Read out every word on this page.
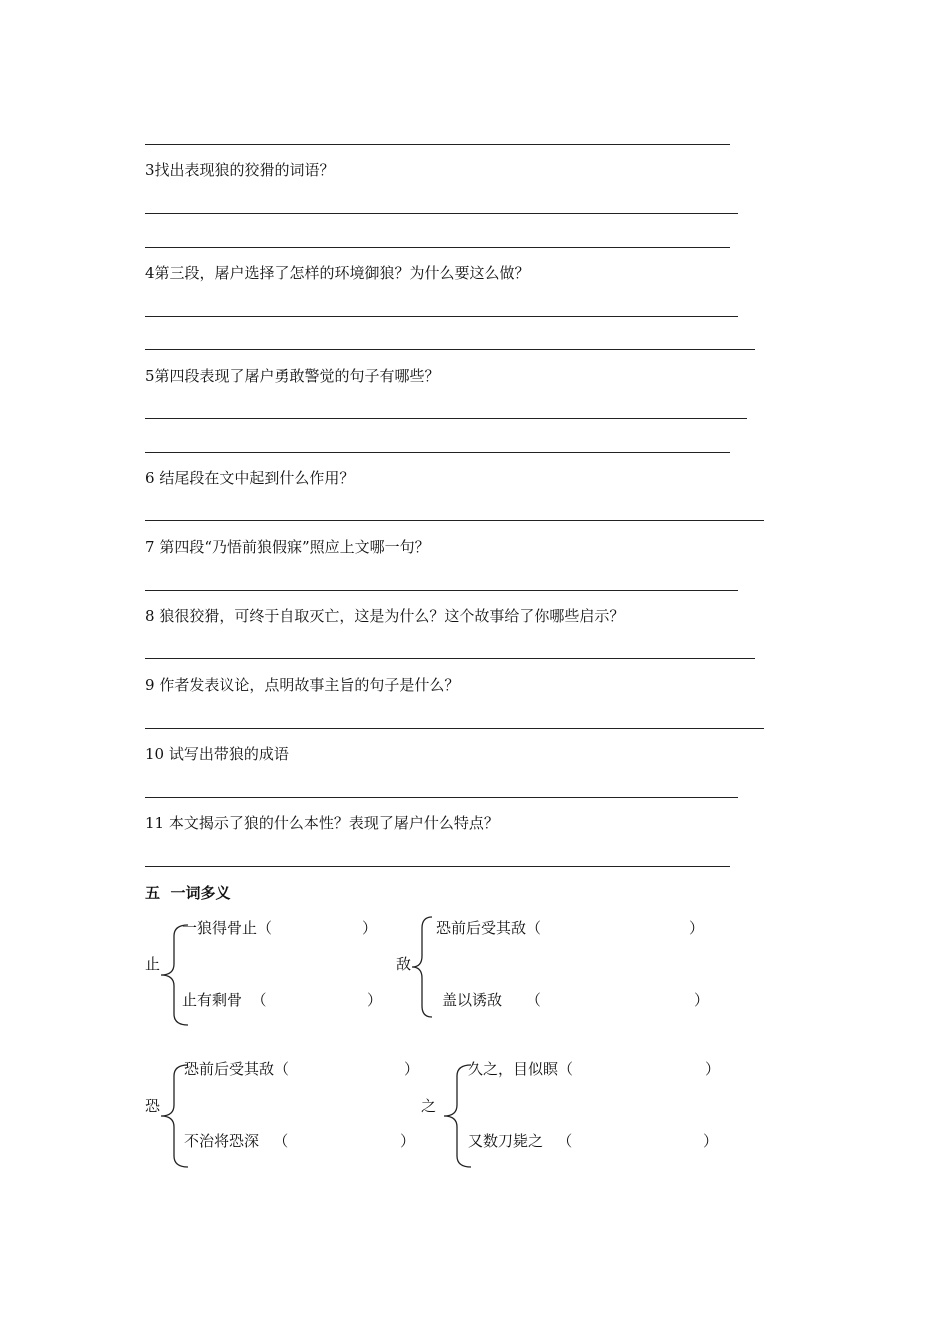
3找出表现狼的狡猾的词语？
4第三段，屠户选择了怎样的环境御狼？为什么要这么做？
5第四段表现了屠户勇敢警觉的句子有哪些？
6 结尾段在文中起到什么作用？
7 第四段“乃悟前狼假寐”照应上文哪一句？
8 狼很狡猾，可终于自取灭亡，这是为什么？这个故事给了你哪些启示？
9 作者发表议论，点明故事主旨的句子是什么？
10 试写出带狼的成语
11 本文揭示了狼的什么本性？表现了屠户什么特点？
五  一词多义
止
一狼得骨止（	）
止有剩骨  （	）
敌
恐前后受其敌（	）
盖以诱敌     （	）
恐
恐前后受其敌（	）
不治将恐深   （	）
之
久之，目似瞑（	）
又数刀毙之   （	）
